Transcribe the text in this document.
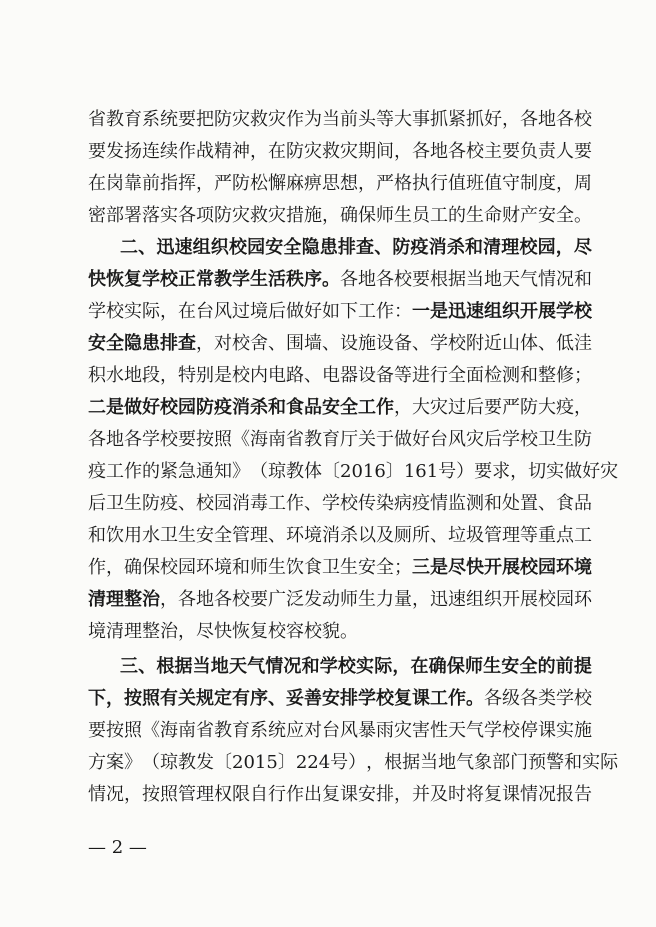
省 教 育 系 统 要 把 防 灾 救 灾 作 为 当 前 头 等 大 事 抓 紧 抓 好 ， 各 地 各 校
要 发 扬 连 续 作 战 精 神 ， 在 防 灾 救 灾 期 间 ， 各 地 各 校 主 要 负 责 人 要
在 岗 靠 前 指 挥 ， 严 防 松 懈 麻 痹 思 想 ， 严 格 执 行 值 班 值 守 制 度 ， 周
密 部 署 落 实 各 项 防 灾 救 灾 措 施 ， 确 保 师 生 员 工 的 生 命 财 产 安 全 。
二 、 迅 速 组 织 校 园 安 全 隐 患 排 查 、 防 疫 消 杀 和 清 理 校 园 ， 尽
快 恢 复 学 校 正 常 教 学 生 活 秩 序 。 各 地 各 校 要 根 据 当 地 天 气 情 况 和
学 校 实 际 ， 在 台 风 过 境 后 做 好 如 下 工 作 ： 一 是 迅 速 组 织 开 展 学 校
安 全 隐 患 排 查 ， 对 校 舍 、 围 墙 、 设 施 设 备 、 学 校 附 近 山 体 、 低 洼
积 水 地 段 ， 特 别 是 校 内 电 路 、 电 器 设 备 等 进 行 全 面 检 测 和 整 修 ；
二 是 做 好 校 园 防 疫 消 杀 和 食 品 安 全 工 作 ， 大 灾 过 后 要 严 防 大 疫 ，
各 地 各 学 校 要 按 照 《 海 南 省 教 育 厅 关 于 做 好 台 风 灾 后 学 校 卫 生 防
疫 工 作 的 紧 急 通 知 》 （ 琼 教 体 〔 2 0 1 6 〕 1 6 1 号 ） 要 求 ， 切 实 做 好 灾
后 卫 生 防 疫 、 校 园 消 毒 工 作 、 学 校 传 染 病 疫 情 监 测 和 处 置 、 食 品
和 饮 用 水 卫 生 安 全 管 理 、 环 境 消 杀 以 及 厕 所 、 垃 圾 管 理 等 重 点 工
作 ， 确 保 校 园 环 境 和 师 生 饮 食 卫 生 安 全 ； 三 是 尽 快 开 展 校 园 环 境
清 理 整 治 ， 各 地 各 校 要 广 泛 发 动 师 生 力 量 ， 迅 速 组 织 开 展 校 园 环
境 清 理 整 治 ， 尽 快 恢 复 校 容 校 貌 。
三 、 根 据 当 地 天 气 情 况 和 学 校 实 际 ， 在 确 保 师 生 安 全 的 前 提
下 ， 按 照 有 关 规 定 有 序 、 妥 善 安 排 学 校 复 课 工 作 。 各 级 各 类 学 校
要 按 照 《 海 南 省 教 育 系 统 应 对 台 风 暴 雨 灾 害 性 天 气 学 校 停 课 实 施
方 案 》 （ 琼 教 发 〔 2 0 1 5 〕 2 2 4 号 ） ， 根 据 当 地 气 象 部 门 预 警 和 实 际
情 况 ， 按 照 管 理 权 限 自 行 作 出 复 课 安 排 ， 并 及 时 将 复 课 情 况 报 告
— 2 —
